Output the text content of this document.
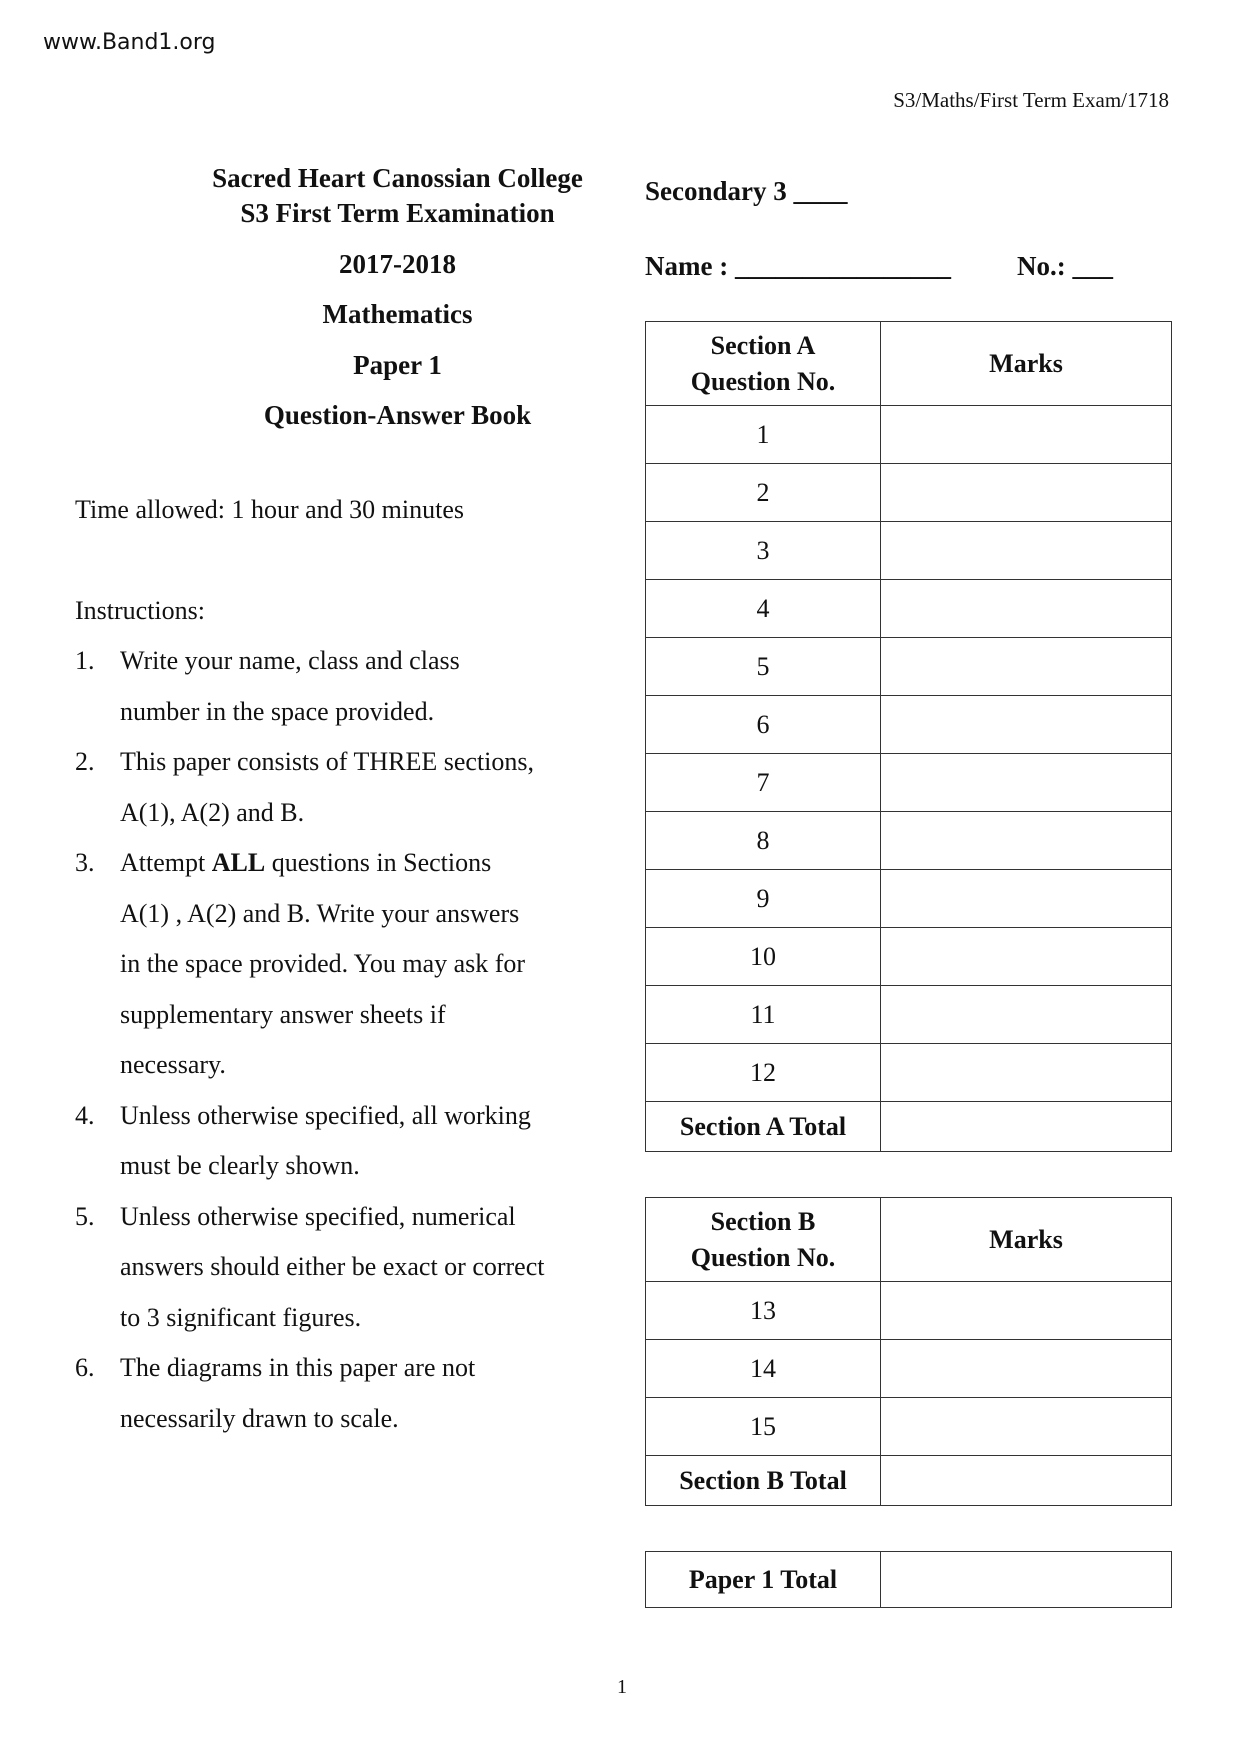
www.Band1.org
S3/Maths/First Term Exam/1718
Sacred Heart Canossian College
S3 First Term Examination
2017-2018
Mathematics
Paper 1
Question-Answer Book
Time allowed: 1 hour and 30 minutes
Instructions:
1. Write your name, class and class
number in the space provided.
2. This paper consists of THREE sections,
A(1), A(2) and B.
3. Attempt ALL questions in Sections
A(1) , A(2) and B. Write your answers
in the space provided. You may ask for
supplementary answer sheets if
necessary.
4. Unless otherwise specified, all working
must be clearly shown.
5. Unless otherwise specified, numerical
answers should either be exact or correct
to 3 significant figures.
6. The diagrams in this paper are not
necessarily drawn to scale.
Secondary 3 ____
Name : ________________ No.: ___
Section A
Question No.	Marks
1	
2	
3	
4	
5	
6	
7	
8	
9	
10	
11	
12	
Section A Total	
Section B
Question No.	Marks
13	
14	
15	
Section B Total	
Paper 1 Total	
1
